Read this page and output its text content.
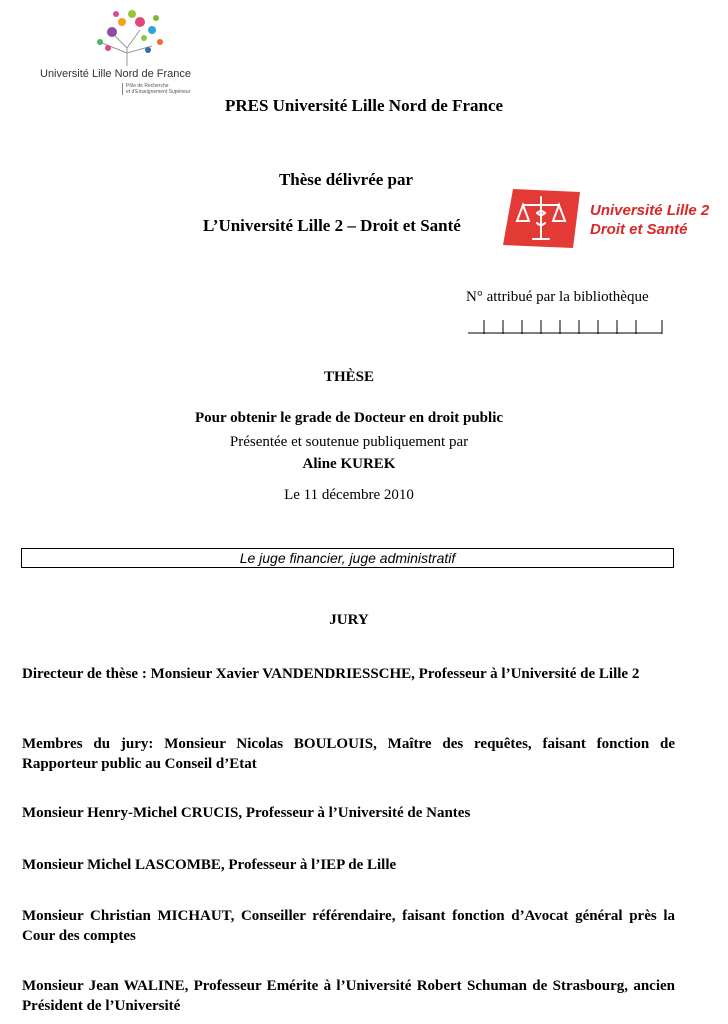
Université Lille Nord de France
Pôle de Recherche
et d'Enseignement Supérieur
PRES Université Lille Nord de France
Thèse délivrée par
L’Université Lille 2 – Droit et Santé
Université Lille 2
Droit et Santé
N° attribué par la bibliothèque
THÈSE
Pour obtenir le grade de Docteur en droit public
Présentée et soutenue publiquement par
Aline KUREK
Le 11 décembre 2010
Le juge financier, juge administratif
JURY
Directeur de thèse : Monsieur Xavier VANDENDRIESSCHE, Professeur à l’Université de Lille 2
Membres du jury: Monsieur Nicolas BOULOUIS, Maître des requêtes, faisant fonction de Rapporteur public au Conseil d’Etat
Monsieur Henry-Michel CRUCIS, Professeur à l’Université de Nantes
Monsieur Michel LASCOMBE, Professeur à l’IEP de Lille
Monsieur Christian MICHAUT, Conseiller référendaire, faisant fonction d’Avocat général près la Cour des comptes
Monsieur Jean WALINE, Professeur Emérite à l’Université Robert Schuman de Strasbourg, ancien Président de l’Université
